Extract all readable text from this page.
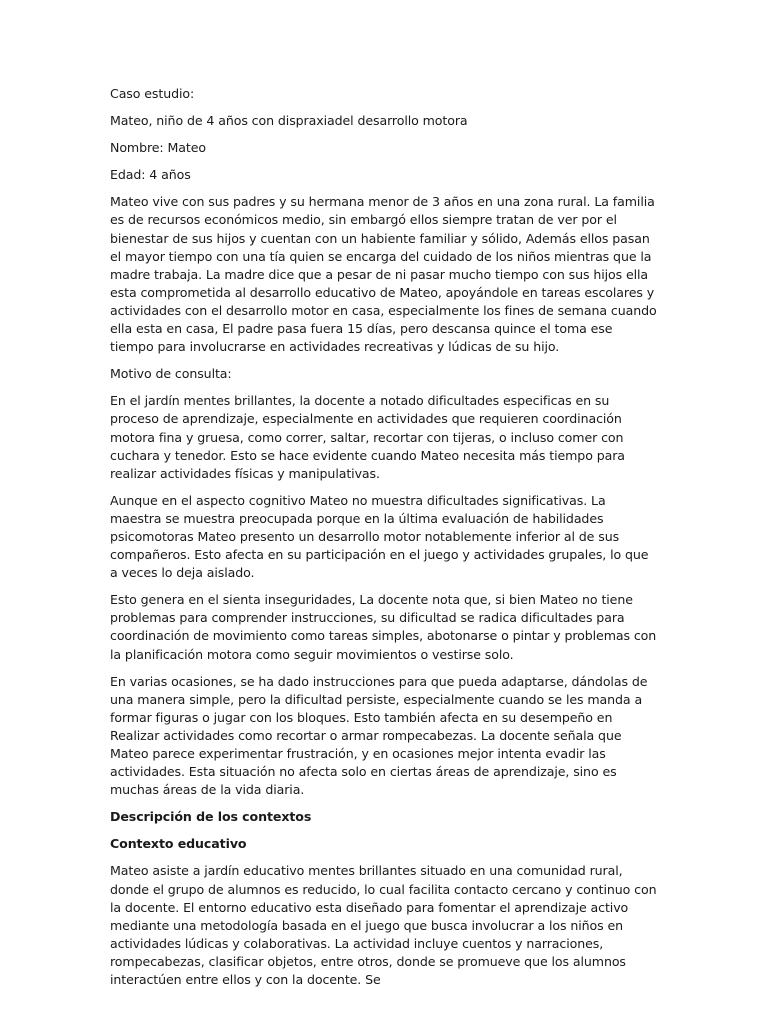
Caso estudio:

Mateo, niño de 4 años con dispraxiadel desarrollo motora

Nombre: Mateo

Edad: 4 años

Mateo vive con sus padres y su hermana menor de 3 años en una zona rural. La familia es de recursos económicos medio, sin embargó ellos siempre tratan de ver por el bienestar de sus hijos y cuentan con un habiente familiar y sólido, Además ellos pasan el mayor tiempo con una tía quien se encarga del cuidado de los niños mientras que la madre trabaja. La madre dice que a pesar de ni pasar mucho tiempo con sus hijos ella esta comprometida al desarrollo educativo de Mateo, apoyándole en tareas escolares y actividades con el desarrollo motor en casa, especialmente los fines de semana cuando ella esta en casa, El padre pasa fuera 15 días, pero descansa quince el toma ese tiempo para involucrarse en actividades recreativas y lúdicas de su hijo.

Motivo de consulta:

En el jardín mentes brillantes, la docente a notado dificultades especificas en su proceso de aprendizaje, especialmente en actividades que requieren coordinación motora fina y gruesa, como correr, saltar, recortar con tijeras, o incluso comer con cuchara y tenedor. Esto se hace evidente cuando Mateo necesita más tiempo para realizar actividades físicas y manipulativas.

Aunque en el aspecto cognitivo Mateo no muestra dificultades significativas. La maestra se muestra preocupada porque en la última evaluación de habilidades psicomotoras Mateo presento un desarrollo motor notablemente inferior al de sus compañeros. Esto afecta en su participación en el juego y actividades grupales, lo que a veces lo deja aislado.

Esto genera en el sienta inseguridades, La docente nota que, si bien Mateo no tiene problemas para comprender instrucciones, su dificultad se radica dificultades para coordinación de movimiento como tareas simples, abotonarse o pintar y problemas con la planificación motora como seguir movimientos o vestirse solo.

En varias ocasiones, se ha dado instrucciones para que pueda adaptarse, dándolas de una manera simple, pero la dificultad persiste, especialmente cuando se les manda a formar figuras o jugar con los bloques. Esto también afecta en su desempeño en Realizar actividades como recortar o armar rompecabezas. La docente señala que Mateo parece experimentar frustración, y en ocasiones mejor intenta evadir las actividades. Esta situación no afecta solo en ciertas áreas de aprendizaje, sino es muchas áreas de la vida diaria.

Descripción de los contextos
Contexto educativo

Mateo asiste a jardín educativo mentes brillantes situado en una comunidad rural, donde el grupo de alumnos es reducido, lo cual facilita contacto cercano y continuo con la docente. El entorno educativo esta diseñado para fomentar el aprendizaje activo mediante una metodología basada en el juego que busca involucrar a los niños en actividades lúdicas y colaborativas. La actividad incluye cuentos y narraciones, rompecabezas, clasificar objetos, entre otros, donde se promueve que los alumnos interactúen entre ellos y con la docente. Se
